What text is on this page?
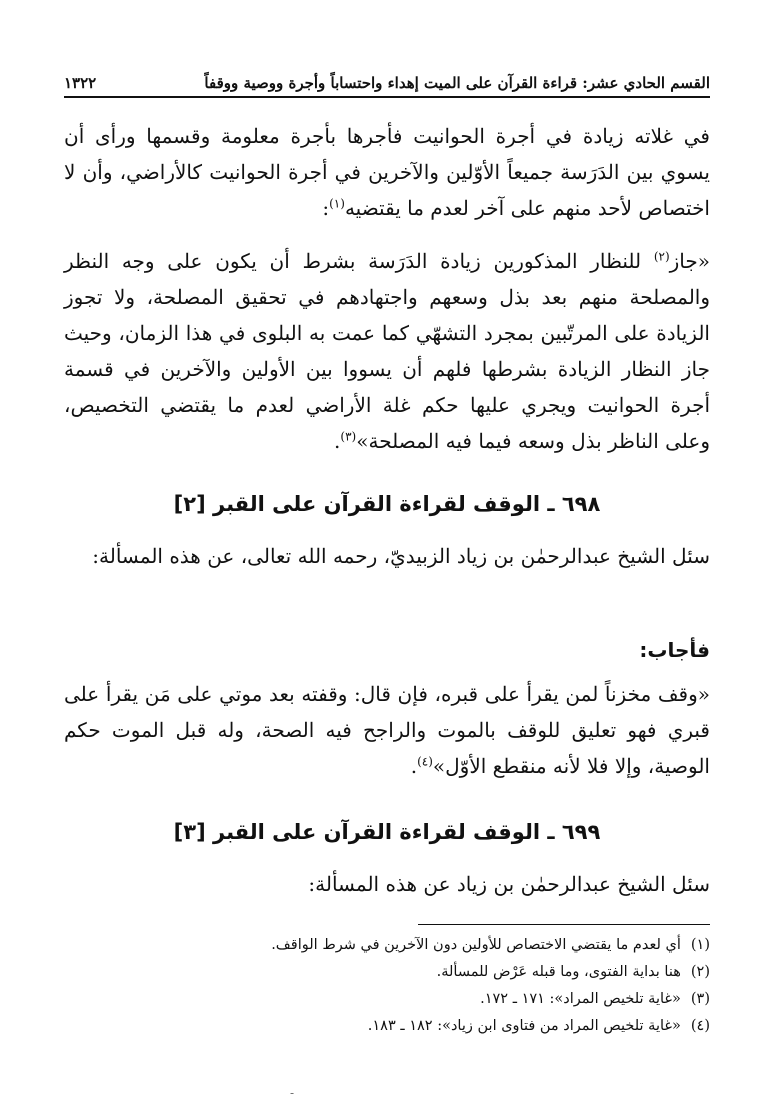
القسم الحادي عشر: قراءة القرآن على الميت إهداء واحتساباً وأجرة ووصية ووقفاً
١٣٢٢
في غلاته زيادة في أجرة الحوانيت فأجرها بأجرة معلومة وقسمها ورأى أن يسوي بين الدَرَسة جميعاً الأوّلين والآخرين في أجرة الحوانيت كالأراضي، وأن لا اختصاص لأحد منهم على آخر لعدم ما يقتضيه$^{(١)}$:
«جاز$^{(٢)}$ للنظار المذكورين زيادة الدَرَسة بشرط أن يكون على وجه النظر والمصلحة منهم بعد بذل وسعهم واجتهادهم في تحقيق المصلحة، ولا تجوز الزيادة على المرتّبين بمجرد التشهّي كما عمت به البلوى في هذا الزمان، وحيث جاز النظار الزيادة بشرطها فلهم أن يسووا بين الأولين والآخرين في قسمة أجرة الحوانيت ويجري عليها حكم غلة الأراضي لعدم ما يقتضي التخصيص، وعلى الناظر بذل وسعه فيما فيه المصلحة»$^{(٣)}$.
٦٩٨ ـ الوقف لقراءة القرآن على القبر [٢]
سئل الشيخ عبدالرحمٰن بن زياد الزبيديّ، رحمه الله تعالى، عن هذه المسألة:
فأجاب:
«وقف مخزناً لمن يقرأ على قبره، فإن قال: وقفته بعد موتي على مَن يقرأ على قبري فهو تعليق للوقف بالموت والراجح فيه الصحة، وله قبل الموت حكم الوصية، وإلا فلا لأنه منقطع الأوّل»$^{(٤)}$.
٦٩٩ ـ الوقف لقراءة القرآن على القبر [٣]
سئل الشيخ عبدالرحمٰن بن زياد عن هذه المسألة:
(١)
أي لعدم ما يقتضي الاختصاص للأولين دون الآخرين في شرط الواقف.
(٢)
هنا بداية الفتوى، وما قبله عَرْض للمسألة.
(٣)
«غاية تلخيص المراد»: ١٧١ ـ ١٧٢.
(٤)
«غاية تلخيص المراد من فتاوى ابن زياد»: ١٨٢ ـ ١٨٣.
-
